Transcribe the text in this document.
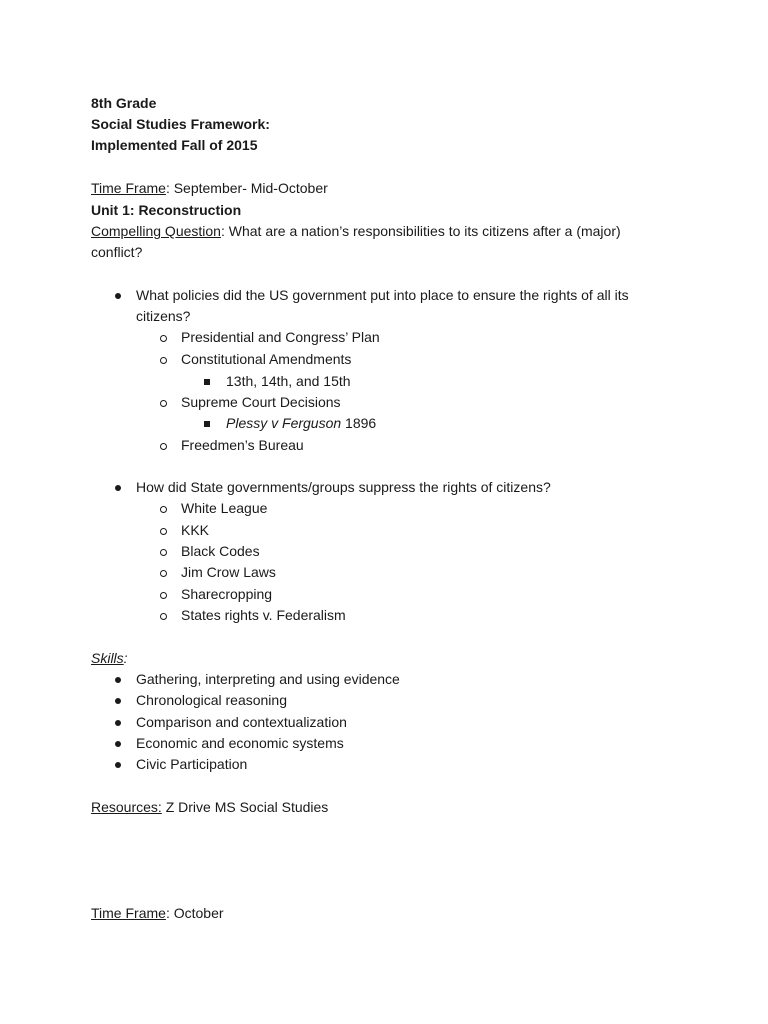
8th Grade
Social Studies Framework:
Implemented Fall of 2015
Time Frame: September- Mid-October
Unit 1: Reconstruction
Compelling Question: What are a nation’s responsibilities to its citizens after a (major)
conflict?
What policies did the US government put into place to ensure the rights of all its
citizens?
Presidential and Congress’ Plan
Constitutional Amendments
13th, 14th, and 15th
Supreme Court Decisions
Plessy v Ferguson 1896
Freedmen’s Bureau
How did State governments/groups suppress the rights of citizens?
White League
KKK
Black Codes
Jim Crow Laws
Sharecropping
States rights v. Federalism
Skills:
Gathering, interpreting and using evidence
Chronological reasoning
Comparison and contextualization
Economic and economic systems
Civic Participation
Resources: Z Drive MS Social Studies
Time Frame: October
